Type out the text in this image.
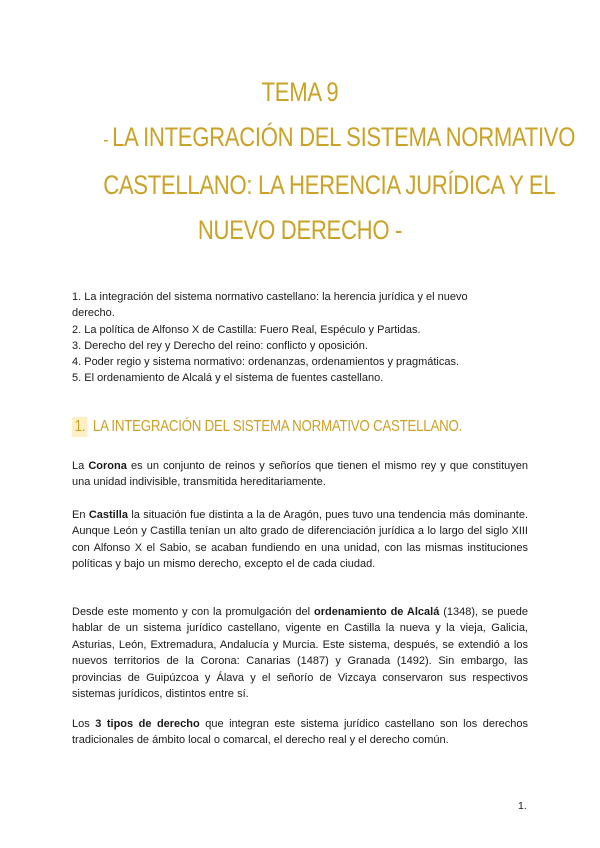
TEMA 9
- LA INTEGRACIÓN DEL SISTEMA NORMATIVO
CASTELLANO: LA HERENCIA JURÍDICA Y EL
NUEVO DERECHO -
1. La integración del sistema normativo castellano: la herencia jurídica y el nuevo
derecho.
2. La política de Alfonso X de Castilla: Fuero Real, Espéculo y Partidas.
3. Derecho del rey y Derecho del reino: conflicto y oposición.
4. Poder regio y sistema normativo: ordenanzas, ordenamientos y pragmáticas.
5. El ordenamiento de Alcalá y el sistema de fuentes castellano.
1. LA INTEGRACIÓN DEL SISTEMA NORMATIVO CASTELLANO.
La Corona es un conjunto de reinos y señoríos que tienen el mismo rey y que constituyen una unidad indivisible, transmitida hereditariamente.
En Castilla la situación fue distinta a la de Aragón, pues tuvo una tendencia más dominante. Aunque León y Castilla tenían un alto grado de diferenciación jurídica a lo largo del siglo XIII con Alfonso X el Sabio, se acaban fundiendo en una unidad, con las mismas instituciones políticas y bajo un mismo derecho, excepto el de cada ciudad.
Desde este momento y con la promulgación del ordenamiento de Alcalá (1348), se puede hablar de un sistema jurídico castellano, vigente en Castilla la nueva y la vieja, Galicia, Asturias, León, Extremadura, Andalucía y Murcia. Este sistema, después, se extendió a los nuevos territorios de la Corona: Canarias (1487) y Granada (1492). Sin embargo, las provincias de Guipúzcoa y Álava y el señorío de Vizcaya conservaron sus respectivos sistemas jurídicos, distintos entre sí.
Los 3 tipos de derecho que integran este sistema jurídico castellano son los derechos tradicionales de ámbito local o comarcal, el derecho real y el derecho común.
1.
